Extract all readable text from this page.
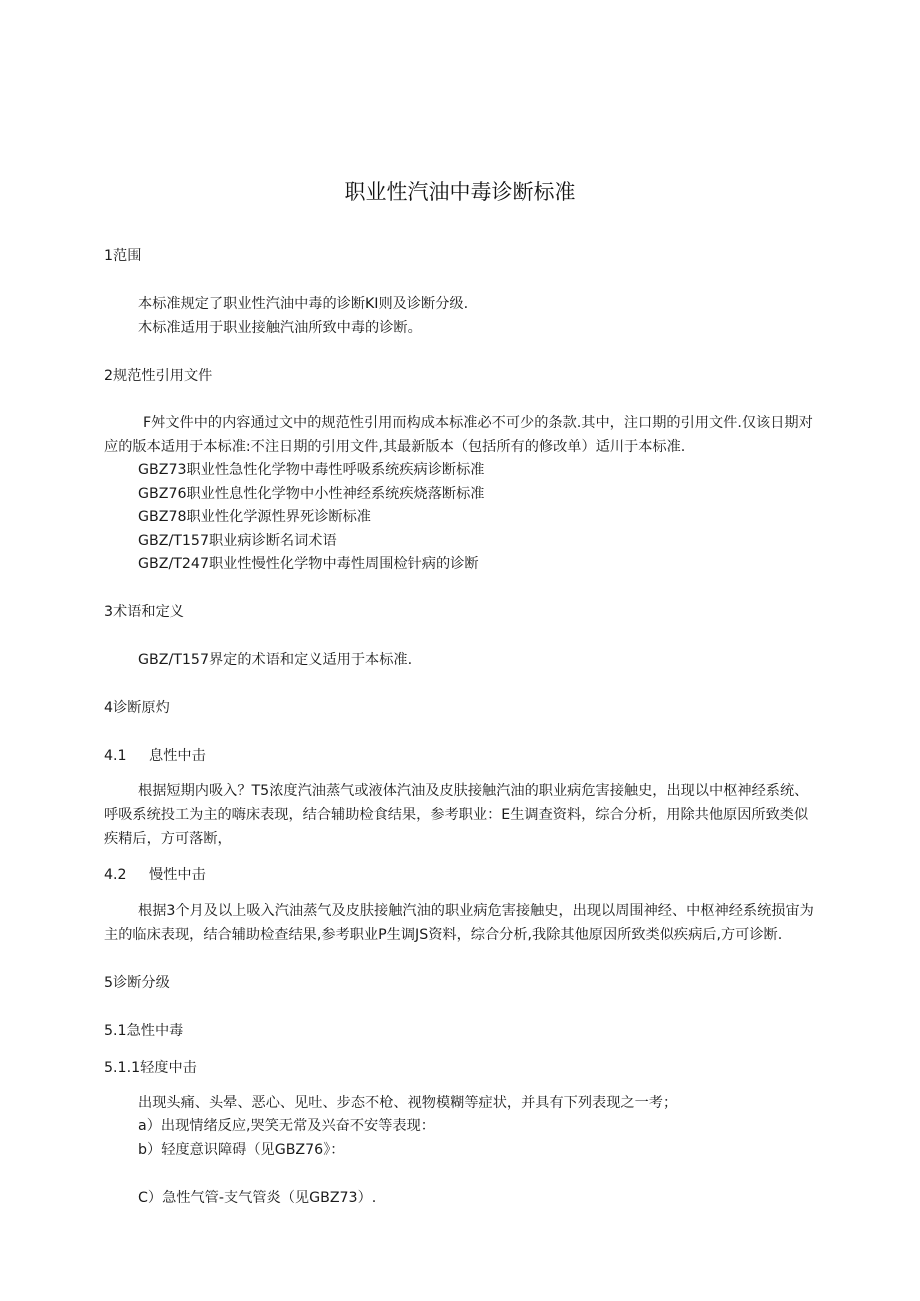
职业性汽油中毒诊断标准
1范围
本标准规定了职业性汽油中毒的诊断KI则及诊断分级.
木标准适用于职业接触汽油所致中毒的诊断。
2规范性引用文件
F舛文件中的内容通过文中的规范性引用而构成本标准必不可少的条款.其中，注口期的引用文件.仅该日期对
应的版本适用于本标准:不注日期的引用文件,其最新版本（包括所有的修改单）适川于本标准.
GBZ73职业性急性化学物中毒性呼吸系统疾病诊断标准
GBZ76职业性息性化学物中小性神经系统疾烧落断标准
GBZ78职业性化学源性界死诊断标准
GBZ/T157职业病诊断名词术语
GBZ/T247职业性慢性化学物中毒性周围检针病的诊断
3术语和定义
GBZ/T157界定的术语和定义适用于本标准.
4诊断原灼
4.1 息性中击
根据短期内吸入？T5浓度汽油蒸气或液体汽油及皮肤接触汽油的职业病危害接触史，出现以中枢神经系统、
呼吸系统投工为主的嗨床表现，结合辅助检食结果，参考职业：E生调查资料，综合分析，用除共他原因所致类似
疾精后，方可落断，
4.2 慢性中击
根据3个月及以上吸入汽油蒸气及皮肤接触汽油的职业病危害接触史，出现以周围神经、中枢神经系统损宙为
主的临床表现，结合辅助检查结果,参考职业P生调JS资料，综合分析,我除其他原因所致类似疾病后,方可诊断.
5诊断分级
5.1急性中毒
5.1.1轻度中击
出现头痛、头晕、恶心、见吐、步态不枪、视物模糊等症状，并具有下列表现之一考；
a）出现情绪反应,哭笑无常及兴奋不安等表现：
b）轻度意识障碍（见GBZ76》：
C）急性气管-支气管炎（见GBZ73）.
